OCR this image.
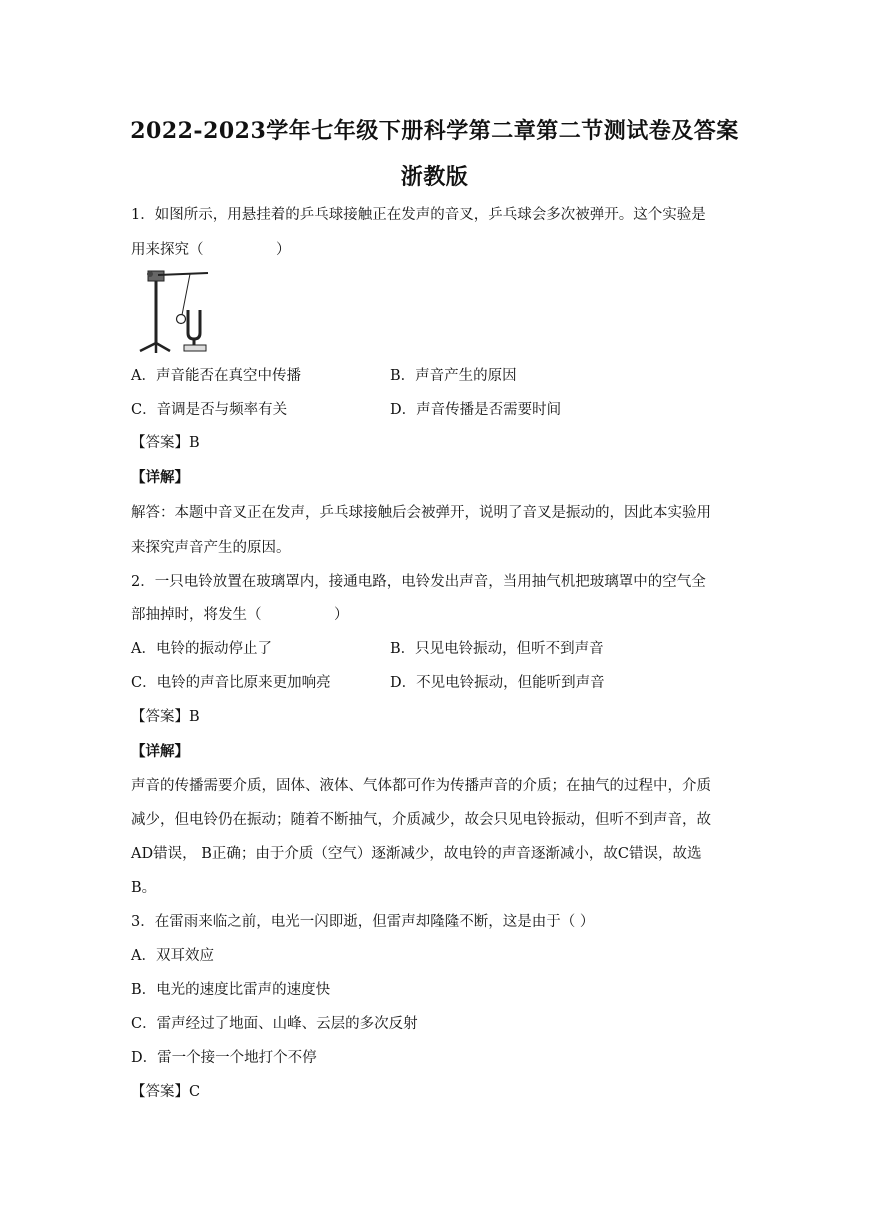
2022-2023学年七年级下册科学第二章第二节测试卷及答案
浙教版
1．如图所示，用悬挂着的乒乓球接触正在发声的音叉，乒乓球会多次被弹开。这个实验是
用来探究（　　　　　）
A．声音能否在真空中传播	B．声音产生的原因
C．音调是否与频率有关	D．声音传播是否需要时间
【答案】B
【详解】
解答：本题中音叉正在发声，乒乓球接触后会被弹开，说明了音叉是振动的，因此本实验用
来探究声音产生的原因。
2．一只电铃放置在玻璃罩内，接通电路，电铃发出声音，当用抽气机把玻璃罩中的空气全
部抽掉时，将发生（　　　　　）
A．电铃的振动停止了	B．只见电铃振动，但听不到声音
C．电铃的声音比原来更加响亮	D．不见电铃振动，但能听到声音
【答案】B
【详解】
声音的传播需要介质，固体、液体、气体都可作为传播声音的介质；在抽气的过程中，介质
减少，但电铃仍在振动；随着不断抽气，介质减少，故会只见电铃振动，但听不到声音，故
AD错误， B正确；由于介质（空气）逐渐减少，故电铃的声音逐渐减小，故C错误，故选
B。
3．在雷雨来临之前，电光一闪即逝，但雷声却隆隆不断，这是由于（ ）
A．双耳效应
B．电光的速度比雷声的速度快
C．雷声经过了地面、山峰、云层的多次反射
D．雷一个接一个地打个不停
【答案】C
